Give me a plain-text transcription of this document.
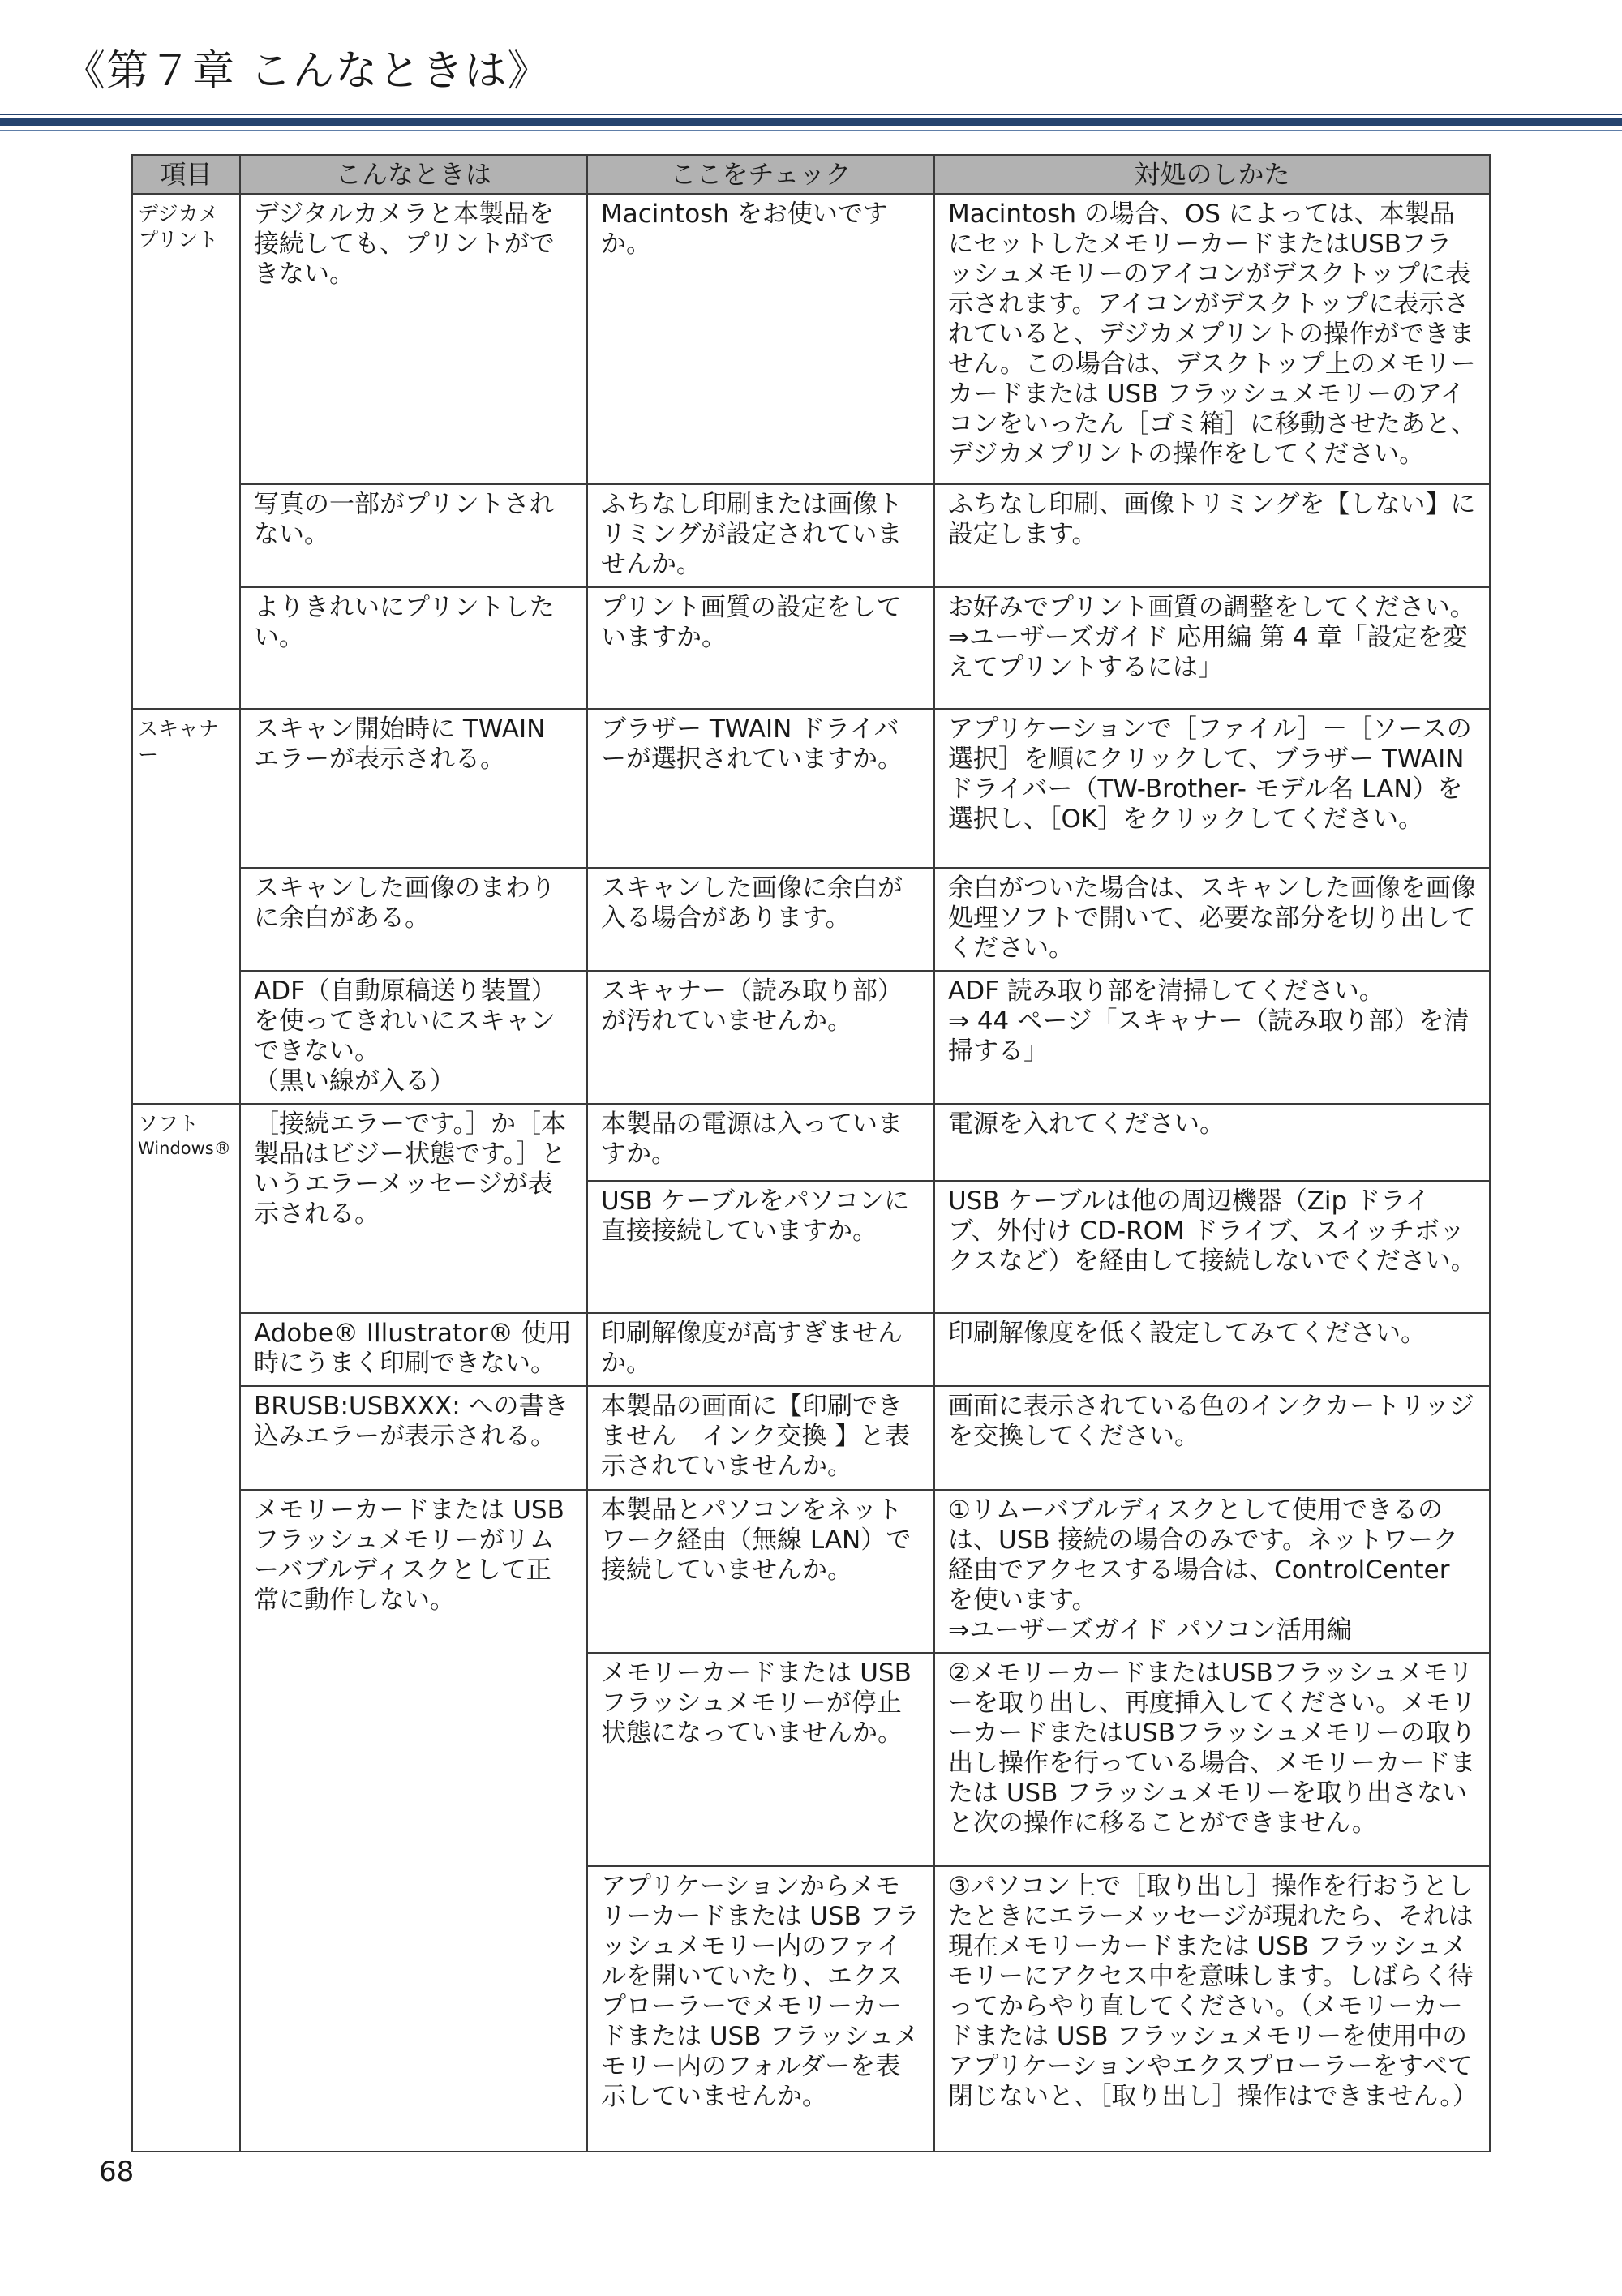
《第７章 こんなときは》
項目	こんなときは	ここをチェック	対処のしかた

デジカメ
プリント	デジタルカメラと本製品を接続しても、プリントができない。	Macintosh をお使いですか。	Macintosh の場合、OS によっては、本製品にセットしたメモリーカードまたはUSBフラッシュメモリーのアイコンがデスクトップに表示されます。アイコンがデスクトップに表示されていると、デジカメプリントの操作ができません。この場合は、デスクトップ上のメモリーカードまたは USB フラッシュメモリーのアイコンをいったん［ゴミ箱］に移動させたあと、デジカメプリントの操作をしてください。

	写真の一部がプリントされない。	ふちなし印刷または画像トリミングが設定されていませんか。	ふちなし印刷、画像トリミングを【しない】に設定します。

	よりきれいにプリントしたい。	プリント画質の設定をしていますか。	お好みでプリント画質の調整をしてください。
⇒ユーザーズガイド 応用編 第 4 章「設定を変えてプリントするには」

スキャナー	スキャン開始時に TWAIN エラーが表示される。	ブラザー TWAIN ドライバーが選択されていますか。	アプリケーションで［ファイル］－［ソースの選択］を順にクリックして、ブラザー TWAIN ドライバー（TW-Brother- モデル名 LAN）を選択し、［OK］をクリックしてください。

	スキャンした画像のまわりに余白がある。	スキャンした画像に余白が入る場合があります。	余白がついた場合は、スキャンした画像を画像処理ソフトで開いて、必要な部分を切り出してください。

	ADF（自動原稿送り装置）を使ってきれいにスキャンできない。
（黒い線が入る）	スキャナー（読み取り部）が汚れていませんか。	ADF 読み取り部を清掃してください。
⇒ 44 ページ「スキャナー（読み取り部）を清掃する」

ソフト
Windows®	［接続エラーです。］か［本製品はビジー状態です。］というエラーメッセージが表示される。	本製品の電源は入っていますか。	電源を入れてください。

		USB ケーブルをパソコンに直接接続していますか。	USB ケーブルは他の周辺機器（Zip ドライブ、外付け CD-ROM ドライブ、スイッチボックスなど）を経由して接続しないでください。

	Adobe® Illustrator® 使用時にうまく印刷できない。	印刷解像度が高すぎませんか。	印刷解像度を低く設定してみてください。

	BRUSB:USBXXX: への書き込みエラーが表示される。	本製品の画面に【印刷できません　インク交換 】と表示されていませんか。	画面に表示されている色のインクカートリッジを交換してください。

	メモリーカードまたは USB フラッシュメモリーがリムーバブルディスクとして正常に動作しない。	本製品とパソコンをネットワーク経由（無線 LAN）で接続していませんか。	①リムーバブルディスクとして使用できるのは、USB 接続の場合のみです。ネットワーク経由でアクセスする場合は、ControlCenter を使います。
⇒ユーザーズガイド パソコン活用編

		メモリーカードまたは USB フラッシュメモリーが停止状態になっていませんか。	②メモリーカードまたはUSBフラッシュメモリーを取り出し、再度挿入してください。メモリーカードまたはUSBフラッシュメモリーの取り出し操作を行っている場合、メモリーカードまたは USB フラッシュメモリーを取り出さないと次の操作に移ることができません。

		アプリケーションからメモリーカードまたは USB フラッシュメモリー内のファイルを開いていたり、エクスプローラーでメモリーカードまたは USB フラッシュメモリー内のフォルダーを表示していませんか。	③パソコン上で［取り出し］操作を行おうとしたときにエラーメッセージが現れたら、それは現在メモリーカードまたは USB フラッシュメモリーにアクセス中を意味します。しばらく待ってからやり直してください。（メモリーカードまたは USB フラッシュメモリーを使用中のアプリケーションやエクスプローラーをすべて閉じないと、［取り出し］操作はできません。）
68
